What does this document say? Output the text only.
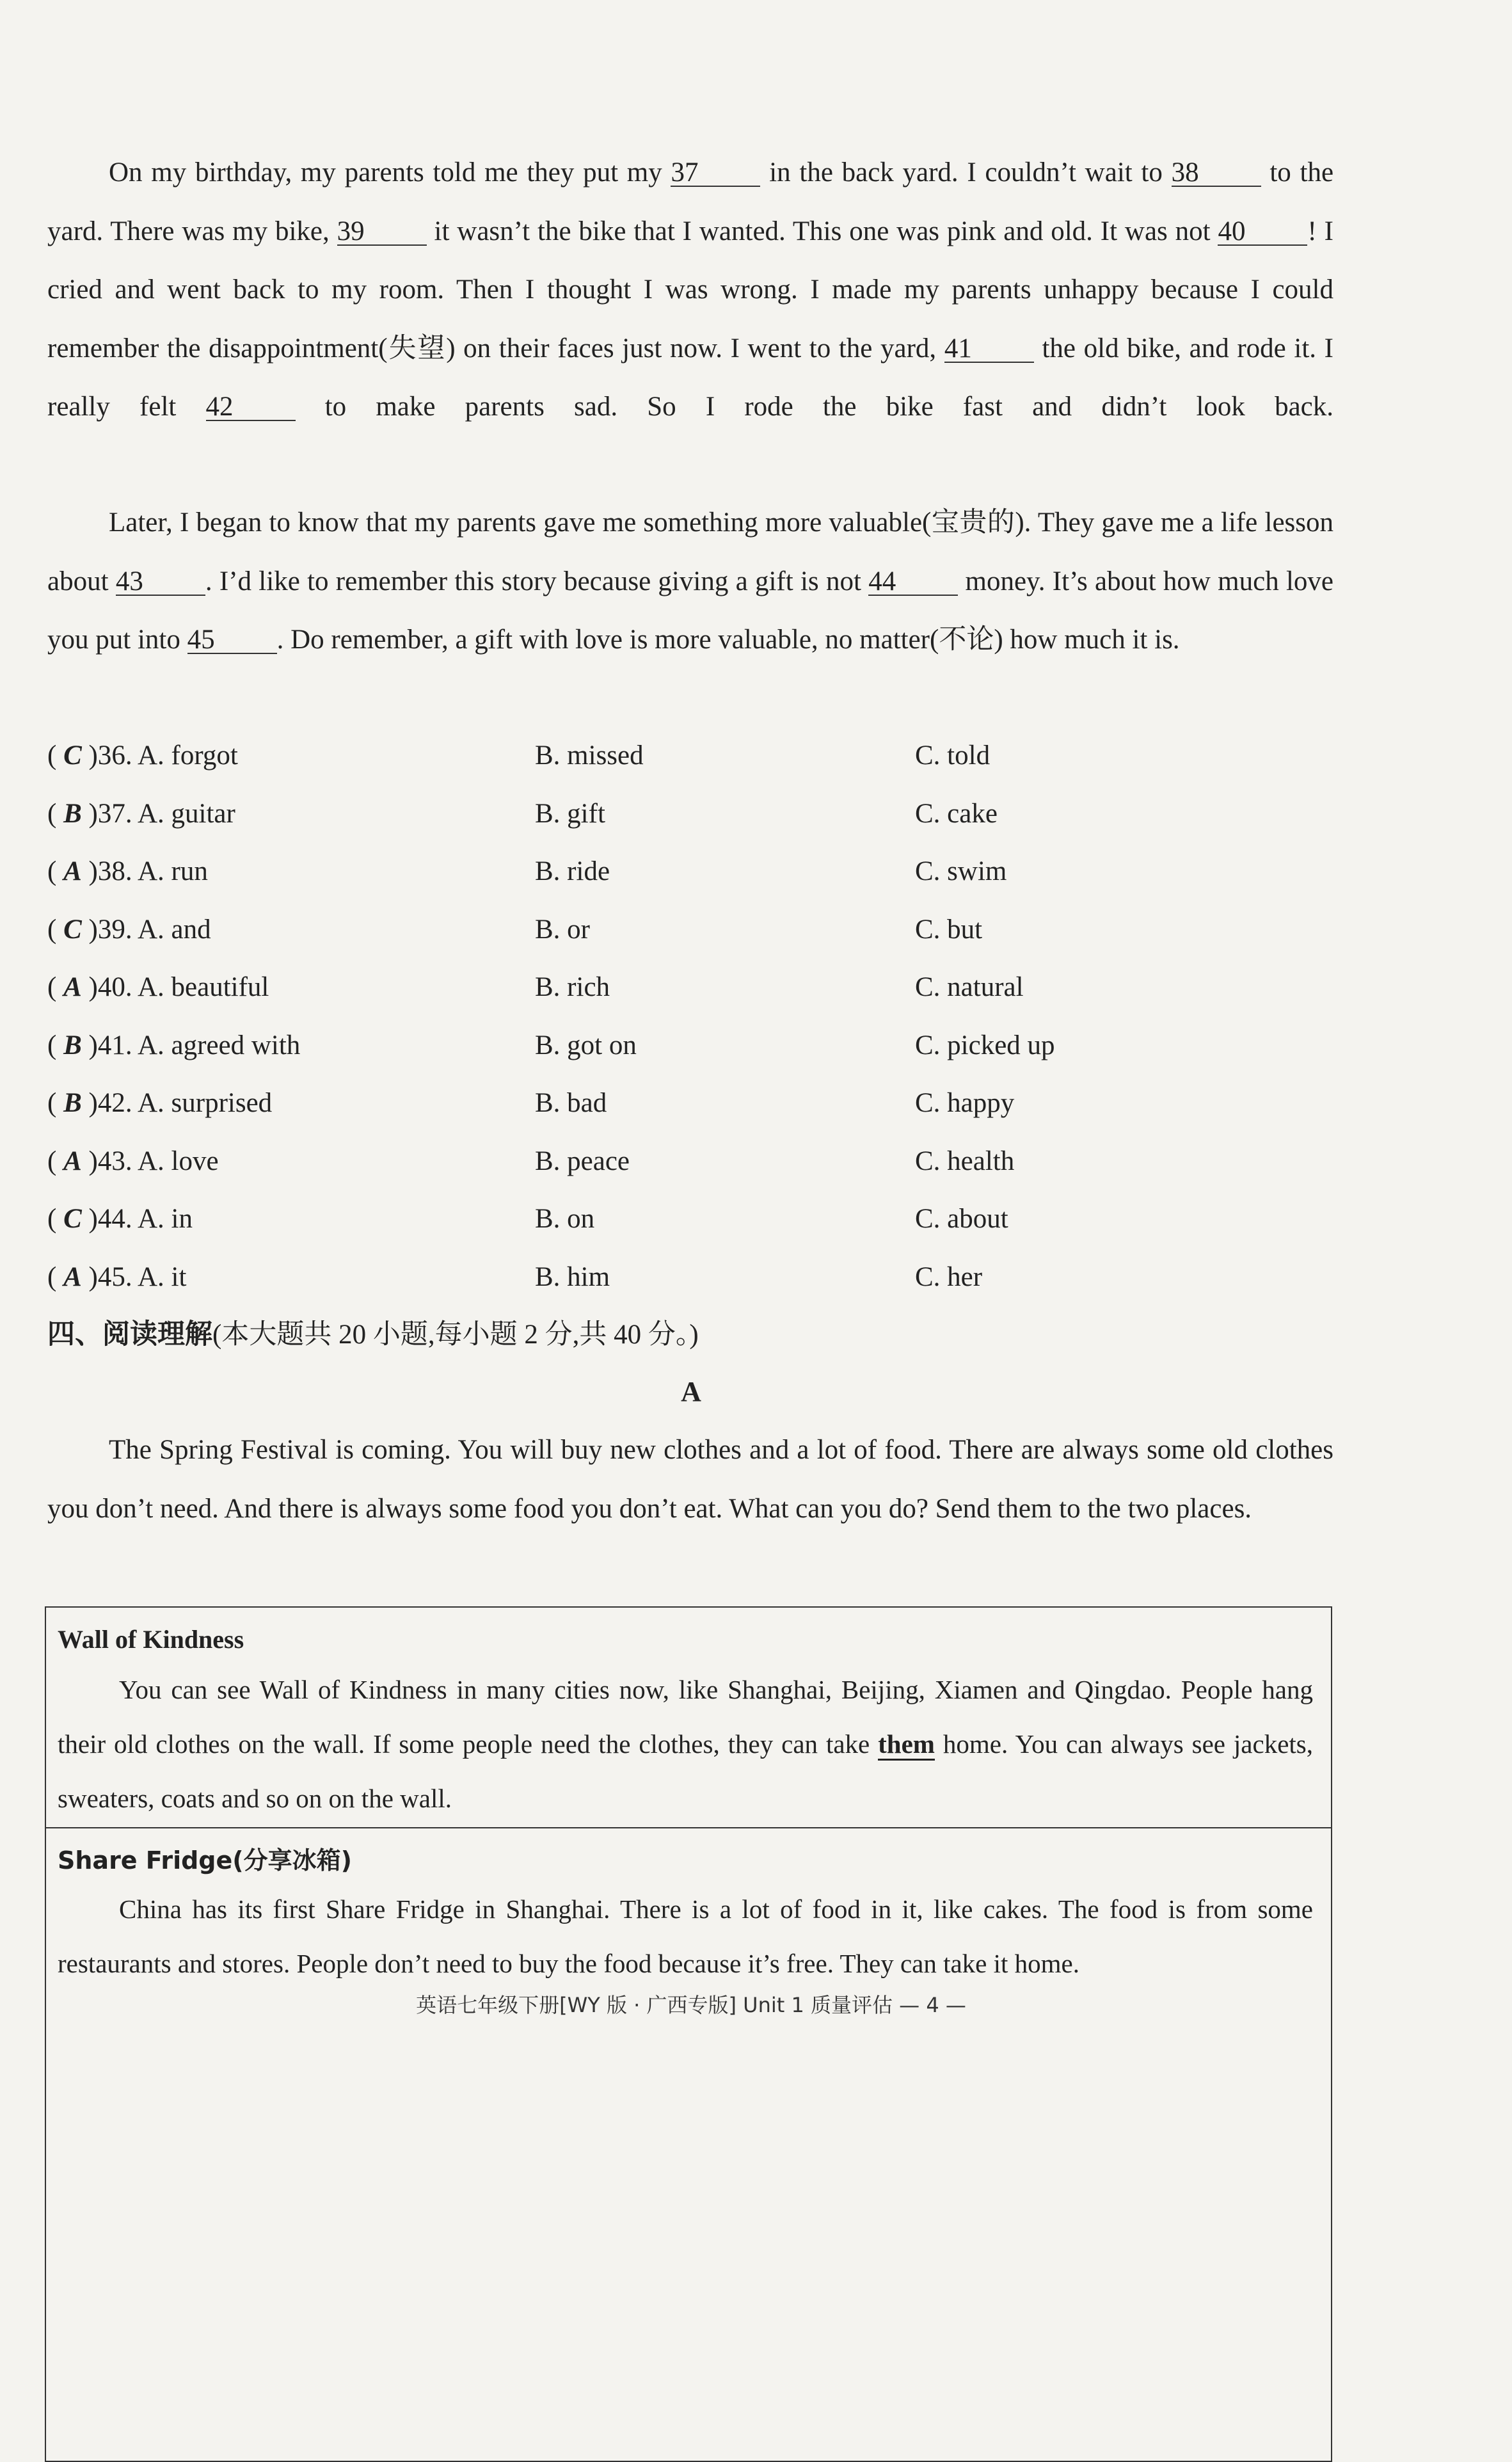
On my birthday, my parents told me they put my 37	in the back yard. I couldn’t wait to 38	to the yard. There was my bike, 39	it wasn’t the bike that I wanted. This one was pink and old. It was not 40 ! I cried and went back to my room. Then I thought I was wrong. I made my parents unhappy because I could remember the disappointment(失望) on their faces just now. I went to the yard, 41	the old bike, and rode it. I really felt 42	to make parents sad. So I rode the bike fast and didn’t look back.
Later, I began to know that my parents gave me something more valuable(宝贵的). They gave me a life lesson about 43 . I’d like to remember this story because giving a gift is not 44	money. It’s about how much love you put into 45 . Do remember, a gift with love is more valuable, no matter(不论) how much it is.
( C )36. A. forgot	B. missed	C. told
( B )37. A. guitar	B. gift	C. cake
( A )38. A. run	B. ride	C. swim
( C )39. A. and	B. or	C. but
( A )40. A. beautiful	B. rich	C. natural
( B )41. A. agreed with	B. got on	C. picked up
( B )42. A. surprised	B. bad	C. happy
( A )43. A. love	B. peace	C. health
( C )44. A. in	B. on	C. about
( A )45. A. it	B. him	C. her
四、阅读理解(本大题共 20 小题,每小题 2 分,共 40 分。)
A
The Spring Festival is coming. You will buy new clothes and a lot of food. There are always some old clothes you don’t need. And there is always some food you don’t eat. What can you do? Send them to the two places.
Wall of Kindness
You can see Wall of Kindness in many cities now, like Shanghai, Beijing, Xiamen and Qingdao. People hang their old clothes on the wall. If some people need the clothes, they can take them home. You can always see jackets, sweaters, coats and so on on the wall.
Share Fridge(分享冰箱)
China has its first Share Fridge in Shanghai. There is a lot of food in it, like cakes. The food is from some restaurants and stores. People don’t need to buy the food because it’s free. They can take it home.
英语七年级下册[WY 版 · 广西专版] Unit 1 质量评估 — 4 —
